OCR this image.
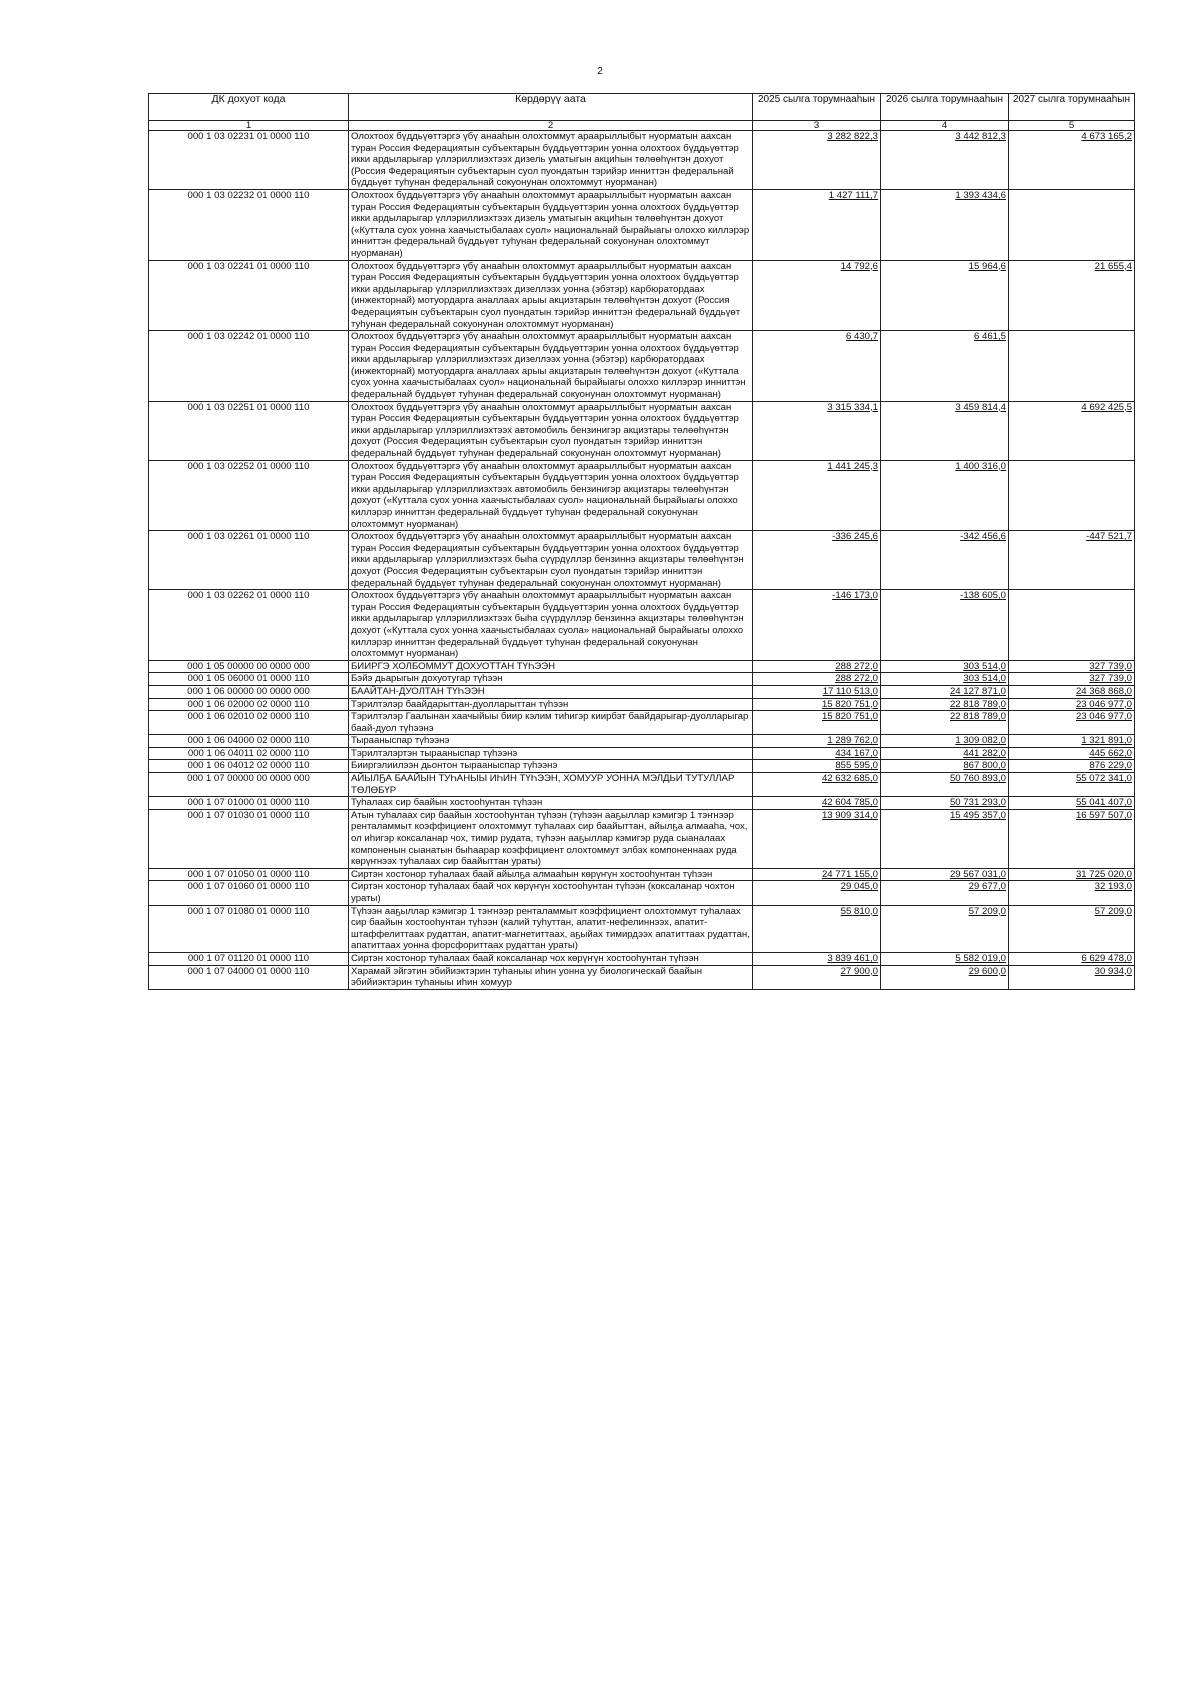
2
ДК дохуот кода	Көрдөрүү аата	2025 сылга торумнааһын	2026 сылга торумнааһын	2027 сылга торумнааһын
1	2	3	4	5
000 1 03 02231 01 0000 110	Олохтоох бүддьүөттэргэ үбү анааһын олохтоммут араарыллыбыт нуорматын аахсан туран Россия Федерациятын субъектарын бүддьүөттэрин уонна олохтоох бүддьүөттэр икки ардыларыгар үллэриллиэхтээх дизель уматыгын акциһын төлөөһүнтэн дохуот (Россия Федерациятын субъектарын суол пуондатын тэрийэр инниттэн федеральнай бүддьүөт туһунан федеральнай сокуонунан олохтоммут нуорманан)	3 282 822,3	3 442 812,3	4 673 165,2

000 1 03 02232 01 0000 110	Олохтоох бүддьүөттэргэ үбү анааһын олохтоммут араарыллыбыт нуорматын аахсан туран Россия Федерациятын субъектарын бүддьүөттэрин уонна олохтоох бүддьүөттэр икки ардыларыгар үллэриллиэхтээх дизель уматыгын акциһын төлөөһүнтэн дохуот («Куттала суох уонна хаачыстыбалаах суол» национальнай бырайыагы олоххо киллэрэр инниттэн федеральнай бүддьүөт туһунан федеральнай сокуонунан олохтоммут нуорманан)	1 427 111,7	1 393 434,6	

000 1 03 02241 01 0000 110	Олохтоох бүддьүөттэргэ үбү анааһын олохтоммут араарыллыбыт нуорматын аахсан туран Россия Федерациятын субъектарын бүддьүөттэрин уонна олохтоох бүддьүөттэр икки ардыларыгар үллэриллиэхтээх дизеллээх уонна (эбэтэр) карбюратордаах (инжекторнай) мотуордарга аналлаах арыы акцизтарын төлөөһүнтэн дохуот (Россия Федерациятын субъектарын суол пуондатын тэрийэр инниттэн федеральнай бүддьүөт туһунан федеральнай сокуонунан олохтоммут нуорманан)	14 792,6	15 964,6	21 655,4

000 1 03 02242 01 0000 110	Олохтоох бүддьүөттэргэ үбү анааһын олохтоммут араарыллыбыт нуорматын аахсан туран Россия Федерациятын субъектарын бүддьүөттэрин уонна олохтоох бүддьүөттэр икки ардыларыгар үллэриллиэхтээх дизеллээх уонна (эбэтэр) карбюратордаах (инжекторнай) мотуордарга аналлаах арыы акцизтарын төлөөһүнтэн дохуот («Куттала суох уонна хаачыстыбалаах суол» национальнай бырайыагы олоххо киллэрэр инниттэн федеральнай бүддьүөт туһунан федеральнай сокуонунан олохтоммут нуорманан)	6 430,7	6 461,5	

000 1 03 02251 01 0000 110	Олохтоох бүддьүөттэргэ үбү анааһын олохтоммут араарыллыбыт нуорматын аахсан туран Россия Федерациятын субъектарын бүддьүөттэрин уонна олохтоох бүддьүөттэр икки ардыларыгар үллэриллиэхтээх автомобиль бензинигэр акцизтары төлөөһүнтэн дохуот (Россия Федерациятын субъектарын суол пуондатын тэрийэр инниттэн федеральнай бүддьүөт туһунан федеральнай сокуонунан олохтоммут нуорманан)	3 315 334,1	3 459 814,4	4 692 425,5

000 1 03 02252 01 0000 110	Олохтоох бүддьүөттэргэ үбү анааһын олохтоммут араарыллыбыт нуорматын аахсан туран Россия Федерациятын субъектарын бүддьүөттэрин уонна олохтоох бүддьүөттэр икки ардыларыгар үллэриллиэхтээх автомобиль бензинигэр акцизтары төлөөһүнтэн дохуот («Куттала суох уонна хаачыстыбалаах суол» национальнай бырайыагы олоххо киллэрэр инниттэн федеральнай бүддьүөт туһунан федеральнай сокуонунан олохтоммут нуорманан)	1 441 245,3	1 400 316,0	

000 1 03 02261 01 0000 110	Олохтоох бүддьүөттэргэ үбү анааһын олохтоммут араарыллыбыт нуорматын аахсан туран Россия Федерациятын субъектарын бүддьүөттэрин уонна олохтоох бүддьүөттэр икки ардыларыгар үллэриллиэхтээх быһа сүүрдүллэр бензиннэ акцизтары төлөөһүнтэн дохуот (Россия Федерациятын субъектарын суол пуондатын тэрийэр инниттэн федеральнай бүддьүөт туһунан федеральнай сокуонунан олохтоммут нуорманан)	-336 245,6	-342 456,6	-447 521,7

000 1 03 02262 01 0000 110	Олохтоох бүддьүөттэргэ үбү анааһын олохтоммут араарыллыбыт нуорматын аахсан туран Россия Федерациятын субъектарын бүддьүөттэрин уонна олохтоох бүддьүөттэр икки ардыларыгар үллэриллиэхтээх быһа сүүрдүллэр бензиннэ акцизтары төлөөһүнтэн дохуот («Куттала суох уонна хаачыстыбалаах суола» национальнай бырайыагы олоххо киллэрэр инниттэн федеральнай бүддьүөт туһунан федеральнай сокуонунан олохтоммут нуорманан)	-146 173,0	-138 605,0	

000 1 05 00000 00 0000 000	БИИРГЭ ХОЛБОММУТ ДОХУОТТАН ТҮҺЭЭН	288 272,0	303 514,0	327 739,0

000 1 05 06000 01 0000 110	Бэйэ дьарыгын дохуотугар түһээн	288 272,0	303 514,0	327 739,0

000 1 06 00000 00 0000 000	БААЙТАН-ДУОЛТАН ТҮҺЭЭН	17 110 513,0	24 127 871,0	24 368 868,0

000 1 06 02000 02 0000 110	Тэрилтэлэр баайдарыттан-дуолларыттан түһээн	15 820 751,0	22 818 789,0	23 046 977,0

000 1 06 02010 02 0000 110	Тэрилтэлэр Гаалынан хаачыйыы биир кэлим тиһигэр киирбэт баайдарыгар-дуолларыгар баай-дуол түһээнэ	15 820 751,0	22 818 789,0	23 046 977,0

000 1 06 04000 02 0000 110	Тырааныспар түһээнэ	1 289 762,0	1 309 082,0	1 321 891,0

000 1 06 04011 02 0000 110	Тэрилтэлэртэн тырааныспар түһээнэ	434 167,0	441 282,0	445 662,0

000 1 06 04012 02 0000 110	Бииргэлиилээн дьонтон тырааныспар түһээнэ	855 595,0	867 800,0	876 229,0

000 1 07 00000 00 0000 000	АЙЫЛҔА БААЙЫН ТУҺАНЫЫ ИҺИН ТҮҺЭЭН, ХОМУУР УОННА МЭЛДЬИ ТУТУЛЛАР ТӨЛӨБҮР	42 632 685,0	50 760 893,0	55 072 341,0

000 1 07 01000 01 0000 110	Туһалаах сир баайын хостооһунтан түһээн	42 604 785,0	50 731 293,0	55 041 407,0

000 1 07 01030 01 0000 110	Атын туһалаах сир баайын хостооһунтан түһээн (түһээн ааҕыллар кэмигэр 1 тэҥнээр ренталаммыт коэффициент олохтоммут туһалаах сир баайыттан, айылҕа алмааһа, чох, ол иһигэр коксаланар чох, тимир рудата, түһээн ааҕыллар кэмигэр руда сыаналаах компоненын сыанатын быһаарар коэффициент олохтоммут элбэх компоненнаах руда көрүҥнээх туһалаах сир баайыттан ураты)	13 909 314,0	15 495 357,0	16 597 507,0

000 1 07 01050 01 0000 110	Сиртэн хостонор туһалаах баай айылҕа алмааһын көрүҥүн хостооһунтан түһээн	24 771 155,0	29 567 031,0	31 725 020,0

000 1 07 01060 01 0000 110	Сиртэн хостонор туһалаах баай чох көрүҥүн хостооһунтан түһээн (коксаланар чохтон ураты)	29 045,0	29 677,0	32 193,0

000 1 07 01080 01 0000 110	Түһээн ааҕыллар кэмигэр 1 тэҥнээр ренталаммыт коэффициент олохтоммут туһалаах сир баайын хостооһунтан түһээн (калий туһуттан, апатит-нефелиннээх, апатит-штаффелиттаах рудаттан, апатит-магнетиттаах, аҕыйах тимирдээх апатиттаах рудаттан, апатиттаах уонна форсфориттаах рудаттан ураты)	55 810,0	57 209,0	57 209,0

000 1 07 01120 01 0000 110	Сиртэн хостонор туһалаах баай коксаланар чох көрүҥүн хостооһунтан түһээн	3 839 461,0	5 582 019,0	6 629 478,0

000 1 07 04000 01 0000 110	Харамай эйгэтин эбийиэктэрин туһаныы иһин уонна уу биологическай баайын эбийиэктэрин туһаныы иһин хомуур	27 900,0	29 600,0	30 934,0
